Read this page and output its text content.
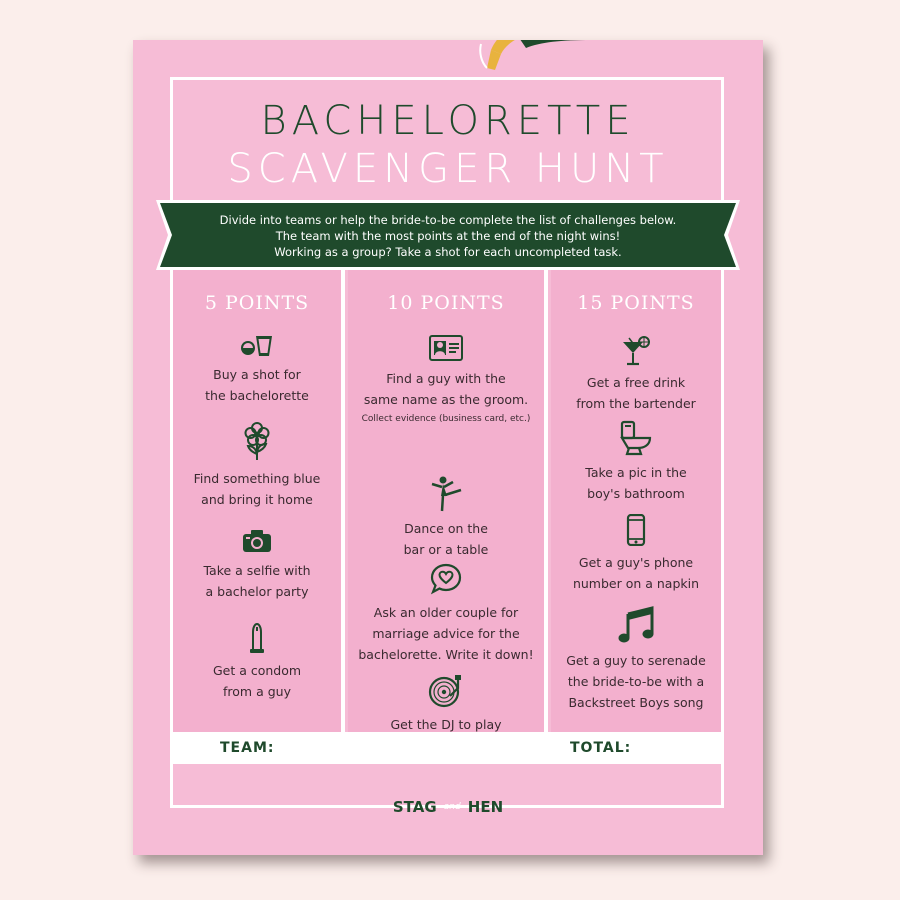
BACHELORETTE
SCAVENGER HUNT
Divide into teams or help the bride-to-be complete the list of challenges below.
The team with the most points at the end of the night wins!
Working as a group? Take a shot for each uncompleted task.
5 POINTS
Buy a shot for
the bachelorette
Find something blue
and bring it home
Take a selfie with
a bachelor party
Get a condom
from a guy
10 POINTS
Find a guy with the
same name as the groom.
Collect evidence (business card, etc.)
Dance on the
bar or a table
Ask an older couple for
marriage advice for the
bachelorette. Write it down!
Get the DJ to play

15 POINTS
Get a free drink
from the bartender
Take a pic in the
boy's bathroom
Get a guy's phone
number on a napkin
Get a guy to serenade
the bride-to-be with a
Backstreet Boys song
TEAM:	TOTAL:
STAG and HEN
